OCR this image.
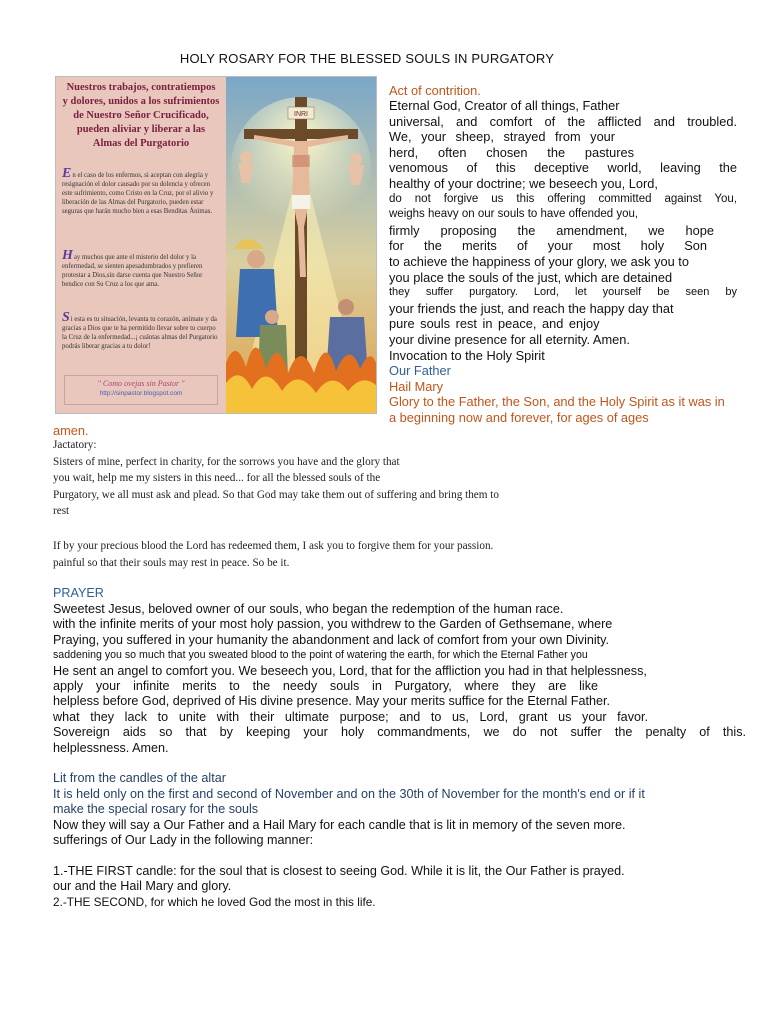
HOLY ROSARY FOR THE BLESSED SOULS IN PURGATORY
Nuestros trabajos, contratiempos
y dolores, unidos a los sufrimientos
de Nuestro Señor Crucificado,
pueden aliviar y liberar a las
Almas del Purgatorio
En el caso de los enfermos, si aceptan con alegría y resignación el dolor causado por su dolencia y ofrecen este sufrimiento, como Cristo en la Cruz, por el alivio y liberación de las Almas del Purgatorio, pueden estar seguras que harán mucho bien a esas Benditas Ánimas.
Hay muchos que ante el misterio del dolor y la enfermedad, se sienten apesadumbrados y prefieren protestar a Dios,sin darse cuenta que Nuestro Señor bendice con Su Cruz a los que ama.
Si esta es tu situación, levanta tu corazón, anímate y da gracias a Dios que te ha permitido llevar sobre tu cuerpo la Cruz de la enfermedad...¡ cuántas almas del Purgatorio podrás liberar gracias a tu dolor!
" Como ovejas sin Pastor "
http://sinpastor.blogspot.com
INRI
Act of contrition.
Eternal God, Creator of all things, Father
universal, and comfort of the afflicted and troubled.
We, your sheep, strayed from your
herd, often chosen the pastures
venomous of this deceptive world, leaving the
healthy of your doctrine; we beseech you, Lord,
do not forgive us this offering committed against You,
weighs heavy on our souls to have offended you,
firmly proposing the amendment, we hope
for the merits of your most holy Son
to achieve the happiness of your glory, we ask you to
you place the souls of the just, which are detained
they suffer purgatory. Lord, let yourself be seen by
your friends the just, and reach the happy day that
pure souls rest in peace, and enjoy
your divine presence for all eternity. Amen.
Invocation to the Holy Spirit
Our Father
Hail Mary
Glory to the Father, the Son, and the Holy Spirit as it was in
a beginning now and forever, for ages of ages
amen.
Jactatory:
Sisters of mine, perfect in charity, for the sorrows you have and the glory that
you wait, help me my sisters in this need... for all the blessed souls of the
Purgatory, we all must ask and plead. So that God may take them out of suffering and bring them to
rest
If by your precious blood the Lord has redeemed them, I ask you to forgive them for your passion.
painful so that their souls may rest in peace. So be it.
PRAYER
Sweetest Jesus, beloved owner of our souls, who began the redemption of the human race.
with the infinite merits of your most holy passion, you withdrew to the Garden of Gethsemane, where
Praying, you suffered in your humanity the abandonment and lack of comfort from your own Divinity.
saddening you so much that you sweated blood to the point of watering the earth, for which the Eternal Father you
He sent an angel to comfort you. We beseech you, Lord, that for the affliction you had in that helplessness,
apply your infinite merits to the needy souls in Purgatory, where they are like
helpless before God, deprived of His divine presence. May your merits suffice for the Eternal Father.
what they lack to unite with their ultimate purpose; and to us, Lord, grant us your favor.
Sovereign aids so that by keeping your holy commandments, we do not suffer the penalty of this.
helplessness. Amen.
Lit from the candles of the altar
It is held only on the first and second of November and on the 30th of November for the month's end or if it
make the special rosary for the souls
Now they will say a Our Father and a Hail Mary for each candle that is lit in memory of the seven more.
sufferings of Our Lady in the following manner:
1.-THE FIRST candle: for the soul that is closest to seeing God. While it is lit, the Our Father is prayed.
our and the Hail Mary and glory.
2.-THE SECOND, for which he loved God the most in this life.
